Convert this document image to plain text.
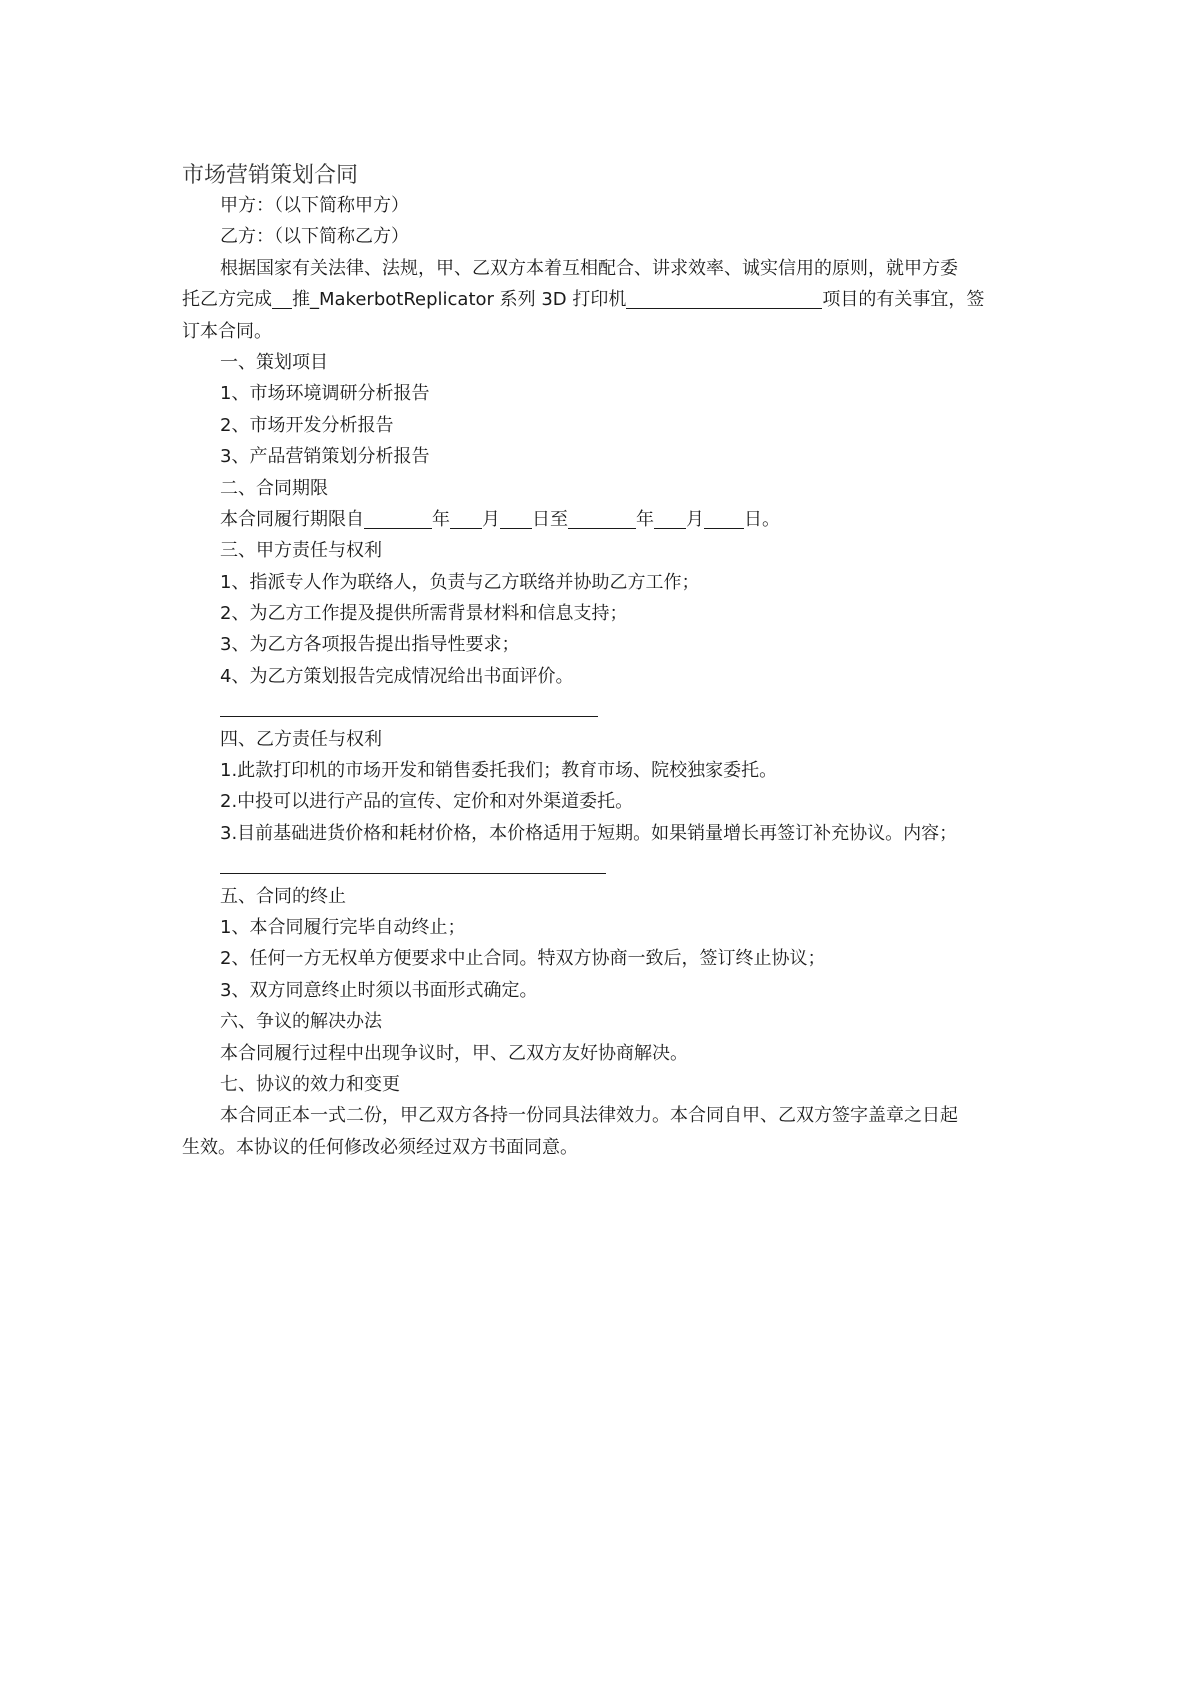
市场营销策划合同
甲方：（以下简称甲方）
乙方：（以下简称乙方）
根据国家有关法律、法规，甲、乙双方本着互相配合、讲求效率、诚实信用的原则，就甲方委
托乙方完成 推_MakerbotReplicator 系列 3D 打印机	项目的有关事宜，签
订本合同。
一、策划项目
1、市场环境调研分析报告
2、市场开发分析报告
3、产品营销策划分析报告
二、合同期限
本合同履行期限自	年 月 日至	年 月 日。
三、甲方责任与权利
1、指派专人作为联络人，负责与乙方联络并协助乙方工作；
2、为乙方工作提及提供所需背景材料和信息支持；
3、为乙方各项报告提出指导性要求；
4、为乙方策划报告完成情况给出书面评价。
四、乙方责任与权利
1.此款打印机的市场开发和销售委托我们；教育市场、院校独家委托。
2.中投可以进行产品的宣传、定价和对外渠道委托。
3.目前基础进货价格和耗材价格，本价格适用于短期。如果销量增长再签订补充协议。内容；
五、合同的终止
1、本合同履行完毕自动终止；
2、任何一方无权单方便要求中止合同。特双方协商一致后，签订终止协议；
3、双方同意终止时须以书面形式确定。
六、争议的解决办法
本合同履行过程中出现争议时，甲、乙双方友好协商解决。
七、协议的效力和变更
本合同正本一式二份，甲乙双方各持一份同具法律效力。本合同自甲、乙双方签字盖章之日起
生效。本协议的任何修改必须经过双方书面同意。
